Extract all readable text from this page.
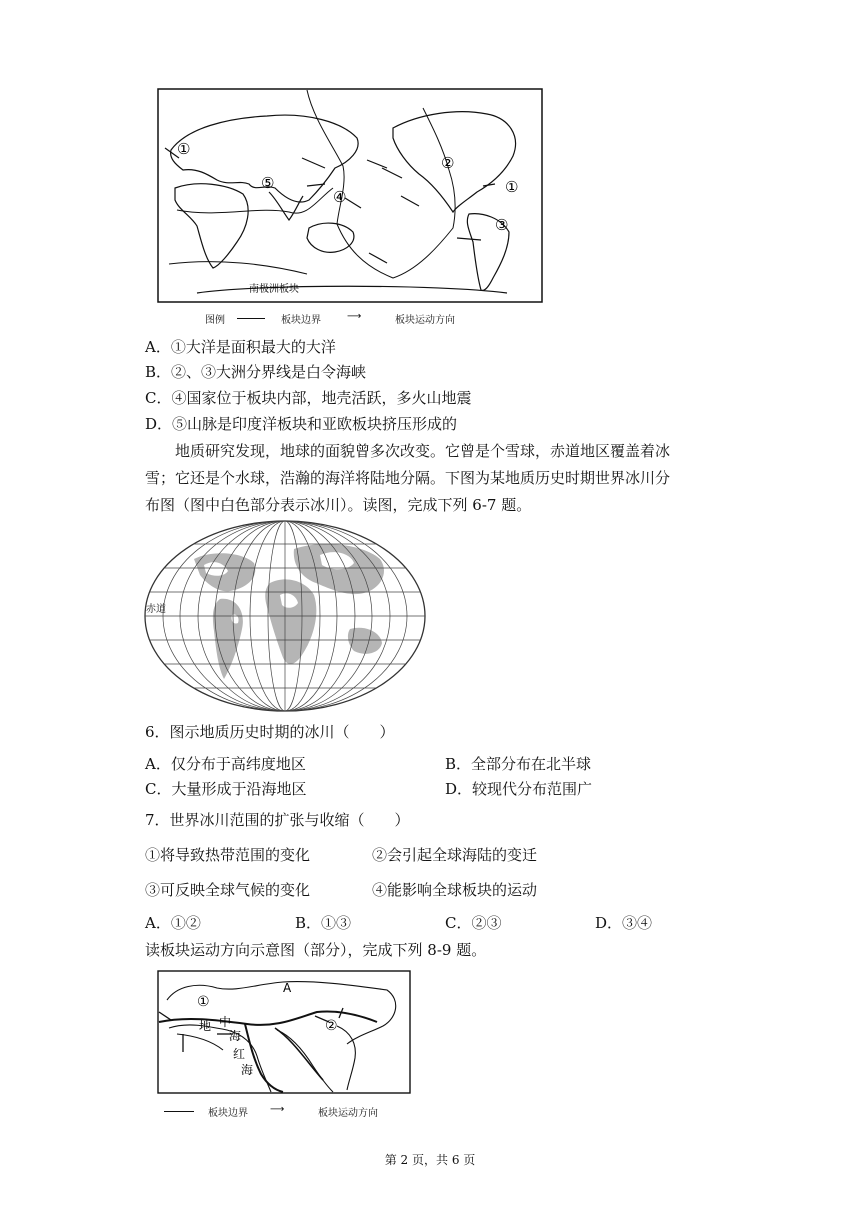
①
②
①
③
④
⑤
南极洲板块
图例	板块边界	⟶	板块运动方向
A．①大洋是面积最大的大洋
B．②、③大洲分界线是白令海峡
C．④国家位于板块内部，地壳活跃，多火山地震
D．⑤山脉是印度洋板块和亚欧板块挤压形成的
地质研究发现，地球的面貌曾多次改变。它曾是个雪球，赤道地区覆盖着冰
雪；它还是个水球，浩瀚的海洋将陆地分隔。下图为某地质历史时期世界冰川分
布图（图中白色部分表示冰川）。读图，完成下列 6-7 题。
赤道
6．图示地质历史时期的冰川（　　）
A．仅分布于高纬度地区	B．全部分布在北半球
C．大量形成于沿海地区	D．较现代分布范围广
7．世界冰川范围的扩张与收缩（　　）
①将导致热带范围的变化	②会引起全球海陆的变迁
③可反映全球气候的变化	④能影响全球板块的运动
A．①②	B．①③	C．②③	D．③④
读板块运动方向示意图（部分），完成下列 8-9 题。
A
①
②
地 中
海
红
海
板块边界 ⟶	板块运动方向
第 2 页，共 6 页
